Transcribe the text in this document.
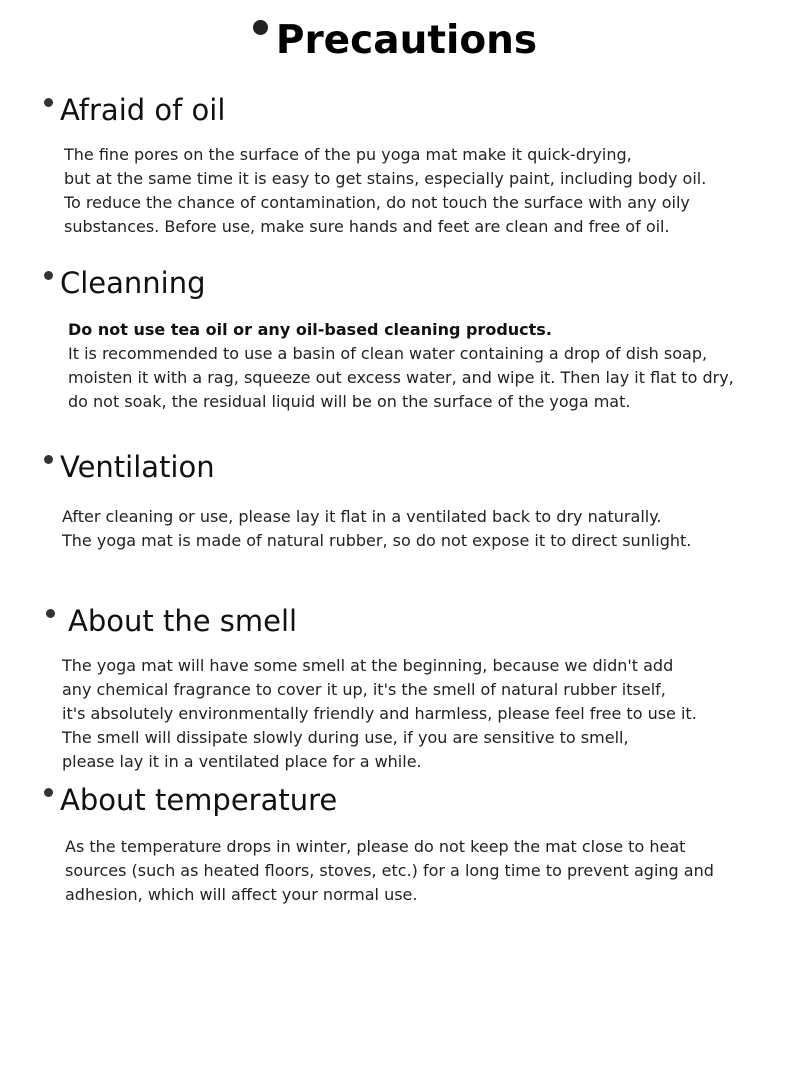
Precautions
Afraid of oil
The fine pores on the surface of the pu yoga mat make it quick-drying,
but at the same time it is easy to get stains, especially paint, including body oil.
To reduce the chance of contamination, do not touch the surface with any oily
substances. Before use, make sure hands and feet are clean and free of oil.
Cleanning
Do not use tea oil or any oil-based cleaning products.
It is recommended to use a basin of clean water containing a drop of dish soap,
moisten it with a rag, squeeze out excess water, and wipe it. Then lay it flat to dry,
do not soak, the residual liquid will be on the surface of the yoga mat.
Ventilation
After cleaning or use, please lay it flat in a ventilated back to dry naturally.
The yoga mat is made of natural rubber, so do not expose it to direct sunlight.
About the smell
The yoga mat will have some smell at the beginning, because we didn't add
any chemical fragrance to cover it up, it's the smell of natural rubber itself,
it's absolutely environmentally friendly and harmless, please feel free to use it.
The smell will dissipate slowly during use, if you are sensitive to smell,
please lay it in a ventilated place for a while.
About temperature
As the temperature drops in winter, please do not keep the mat close to heat
sources (such as heated floors, stoves, etc.) for a long time to prevent aging and
adhesion, which will affect your normal use.
